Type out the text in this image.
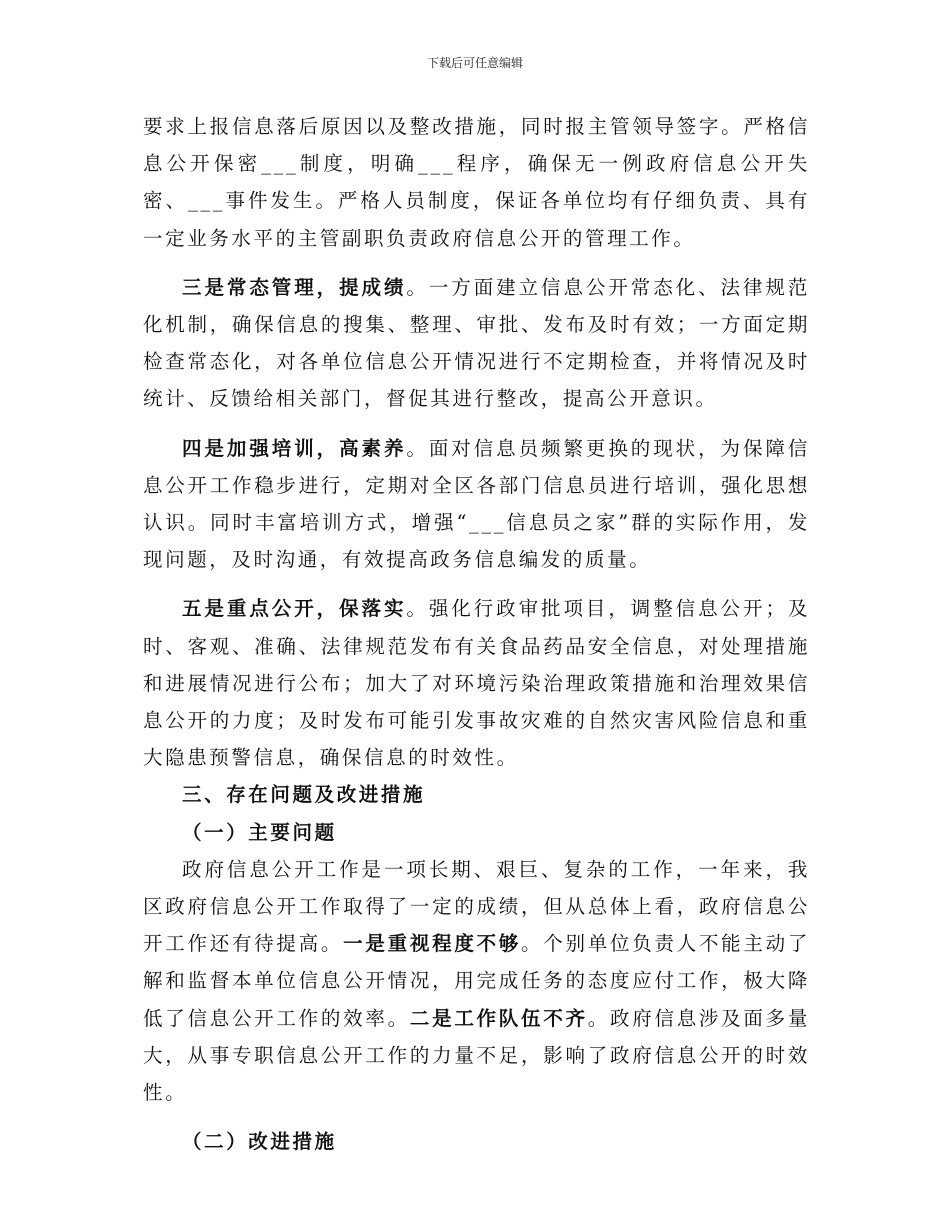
下载后可任意编辑

要求上报信息落后原因以及整改措施，同时报主管领导签字。严格信息公开保密___制度，明确___程序，确保无一例政府信息公开失密、___事件发生。严格人员制度，保证各单位均有仔细负责、具有一定业务水平的主管副职负责政府信息公开的管理工作。

三是常态管理，提成绩。一方面建立信息公开常态化、法律规范化机制，确保信息的搜集、整理、审批、发布及时有效；一方面定期检查常态化，对各单位信息公开情况进行不定期检查，并将情况及时统计、反馈给相关部门，督促其进行整改，提高公开意识。

四是加强培训，高素养。面对信息员频繁更换的现状，为保障信息公开工作稳步进行，定期对全区各部门信息员进行培训，强化思想认识。同时丰富培训方式，增强“___信息员之家”群的实际作用，发现问题，及时沟通，有效提高政务信息编发的质量。

五是重点公开，保落实。强化行政审批项目，调整信息公开；及时、客观、准确、法律规范发布有关食品药品安全信息，对处理措施和进展情况进行公布；加大了对环境污染治理政策措施和治理效果信息公开的力度；及时发布可能引发事故灾难的自然灾害风险信息和重大隐患预警信息，确保信息的时效性。

三、存在问题及改进措施

（一）主要问题

政府信息公开工作是一项长期、艰巨、复杂的工作，一年来，我区政府信息公开工作取得了一定的成绩，但从总体上看，政府信息公开工作还有待提高。一是重视程度不够。个别单位负责人不能主动了解和监督本单位信息公开情况，用完成任务的态度应付工作，极大降低了信息公开工作的效率。二是工作队伍不齐。政府信息涉及面多量大，从事专职信息公开工作的力量不足，影响了政府信息公开的时效性。

（二）改进措施
